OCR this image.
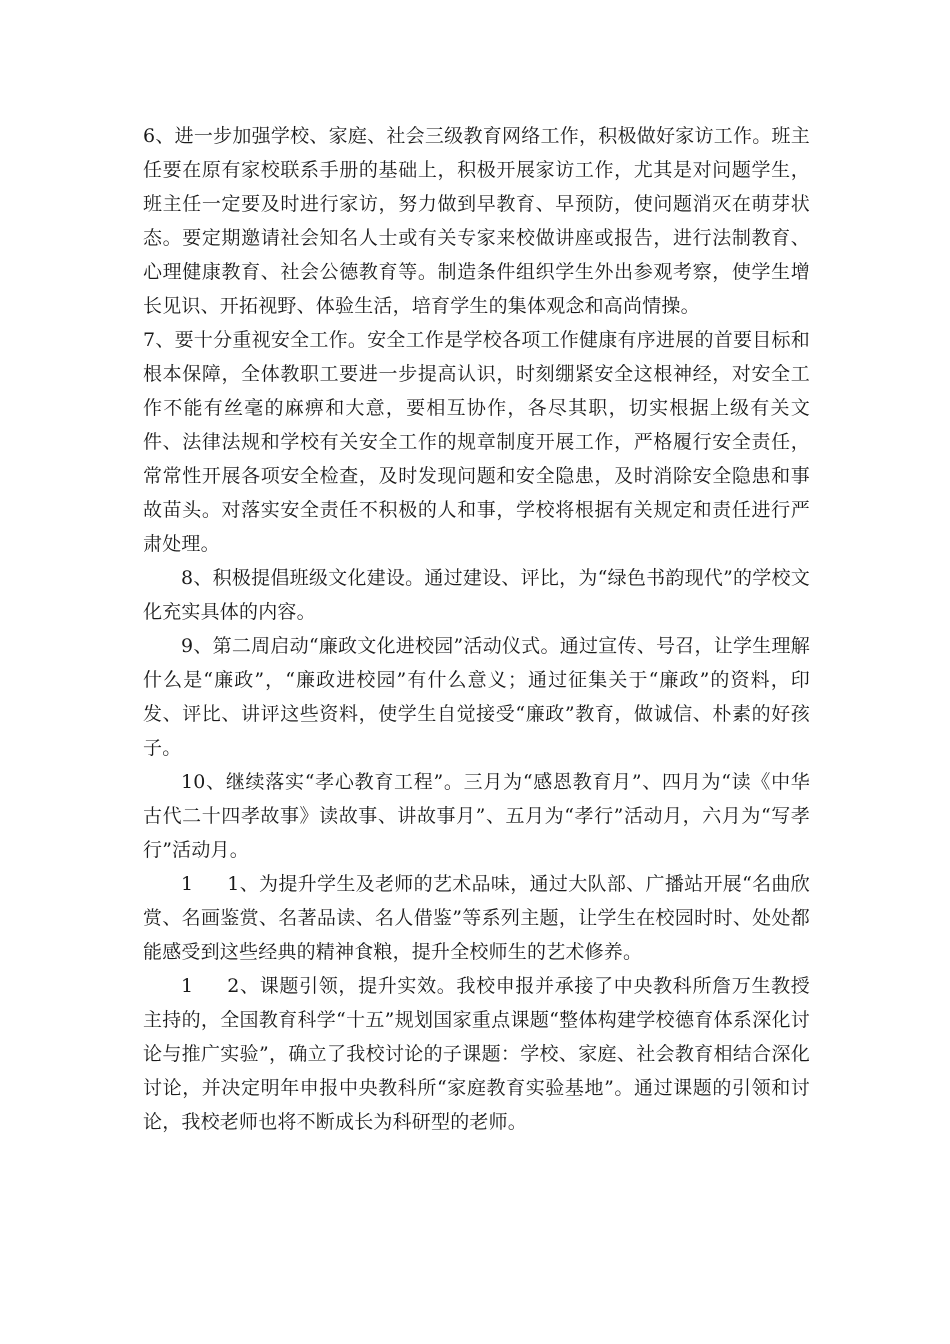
6、进一步加强学校、家庭、社会三级教育网络工作，积极做好家访工作。班主任要在原有家校联系手册的基础上，积极开展家访工作，尤其是对问题学生，班主任一定要及时进行家访，努力做到早教育、早预防，使问题消灭在萌芽状态。要定期邀请社会知名人士或有关专家来校做讲座或报告，进行法制教育、心理健康教育、社会公德教育等。制造条件组织学生外出参观考察，使学生增长见识、开拓视野、体验生活，培育学生的集体观念和高尚情操。

7、要十分重视安全工作。安全工作是学校各项工作健康有序进展的首要目标和根本保障，全体教职工要进一步提高认识，时刻绷紧安全这根神经，对安全工作不能有丝毫的麻痹和大意，要相互协作，各尽其职，切实根据上级有关文件、法律法规和学校有关安全工作的规章制度开展工作，严格履行安全责任，常常性开展各项安全检查，及时发现问题和安全隐患，及时消除安全隐患和事故苗头。对落实安全责任不积极的人和事，学校将根据有关规定和责任进行严肃处理。

8、积极提倡班级文化建设。通过建设、评比，为“绿色书韵现代”的学校文化充实具体的内容。

9、第二周启动“廉政文化进校园”活动仪式。通过宣传、号召，让学生理解什么是“廉政”，“廉政进校园”有什么意义；通过征集关于“廉政”的资料，印发、评比、讲评这些资料，使学生自觉接受“廉政”教育，做诚信、朴素的好孩子。

10、继续落实“孝心教育工程”。三月为“感恩教育月”、四月为“读《中华古代二十四孝故事》读故事、讲故事月”、五月为“孝行”活动月，六月为“写孝行”活动月。

1 1、为提升学生及老师的艺术品味，通过大队部、广播站开展“名曲欣赏、名画鉴赏、名著品读、名人借鉴”等系列主题，让学生在校园时时、处处都能感受到这些经典的精神食粮，提升全校师生的艺术修养。

1 2、课题引领，提升实效。我校申报并承接了中央教科所詹万生教授主持的，全国教育科学“十五”规划国家重点课题“整体构建学校德育体系深化讨论与推广实验”，确立了我校讨论的子课题：学校、家庭、社会教育相结合深化讨论，并决定明年申报中央教科所“家庭教育实验基地”。通过课题的引领和讨论，我校老师也将不断成长为科研型的老师。
